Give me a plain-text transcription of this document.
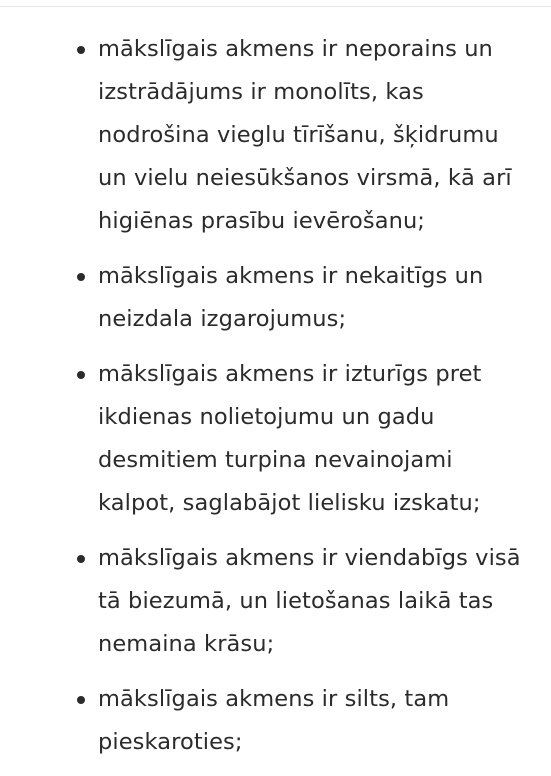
mākslīgais akmens ir neporains un izstrādājums ir monolīts, kas nodrošina vieglu tīrīšanu, šķidrumu un vielu neiesūkšanos virsmā, kā arī higiēnas prasību ievērošanu;
mākslīgais akmens ir nekaitīgs un neizdala izgarojumus;
mākslīgais akmens ir izturīgs pret ikdienas nolietojumu un gadu desmitiem turpina nevainojami kalpot, saglabājot lielisku izskatu;
mākslīgais akmens ir viendabīgs visā tā biezumā, un lietošanas laikā tas nemaina krāsu;
mākslīgais akmens ir silts, tam pieskaroties;
